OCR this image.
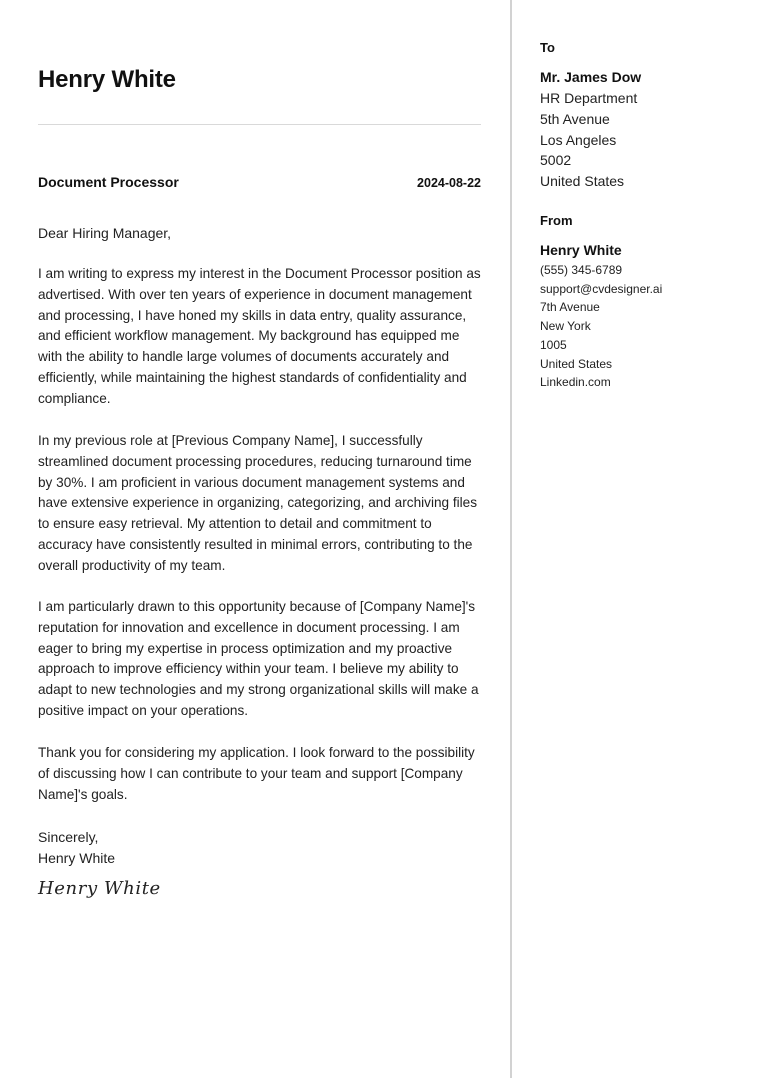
Henry White
Document Processor	2024-08-22
Dear Hiring Manager,

I am writing to express my interest in the Document Processor position as advertised. With over ten years of experience in document management and processing, I have honed my skills in data entry, quality assurance, and efficient workflow management. My background has equipped me with the ability to handle large volumes of documents accurately and efficiently, while maintaining the highest standards of confidentiality and compliance.

In my previous role at [Previous Company Name], I successfully streamlined document processing procedures, reducing turnaround time by 30%. I am proficient in various document management systems and have extensive experience in organizing, categorizing, and archiving files to ensure easy retrieval. My attention to detail and commitment to accuracy have consistently resulted in minimal errors, contributing to the overall productivity of my team.

I am particularly drawn to this opportunity because of [Company Name]'s reputation for innovation and excellence in document processing. I am eager to bring my expertise in process optimization and my proactive approach to improve efficiency within your team. I believe my ability to adapt to new technologies and my strong organizational skills will make a positive impact on your operations.

Thank you for considering my application. I look forward to the possibility of discussing how I can contribute to your team and support [Company Name]'s goals.

Sincerely,
Henry White
Henry White
To
Mr. James Dow
HR Department
5th Avenue
Los Angeles
5002
United States
From
Henry White
(555) 345-6789
support@cvdesigner.ai
7th Avenue
New York
1005
United States
Linkedin.com
